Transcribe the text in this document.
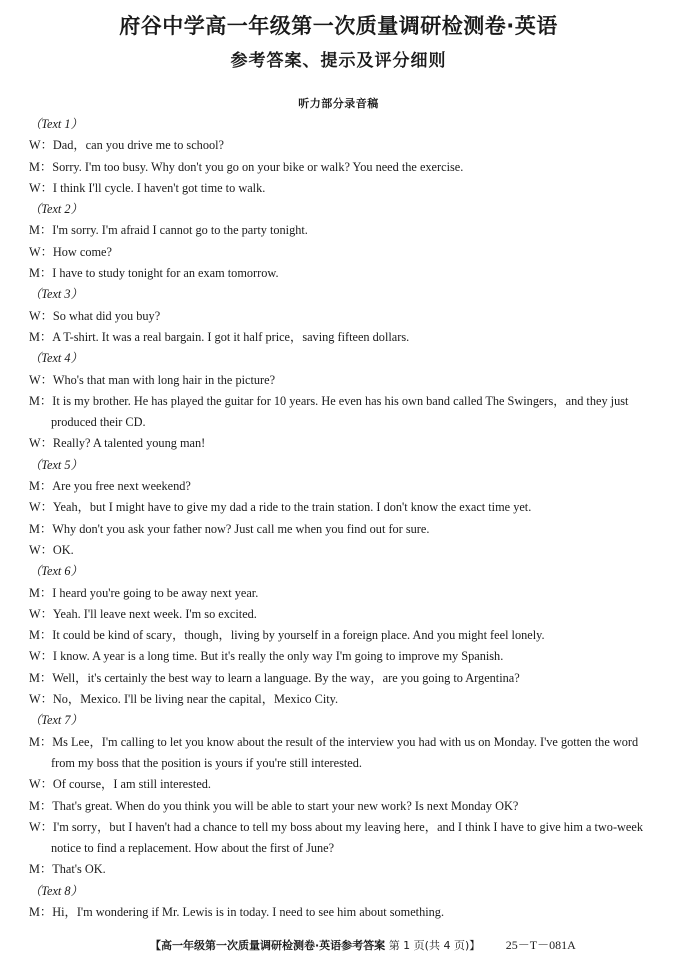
府谷中学高一年级第一次质量调研检测卷·英语
参考答案、提示及评分细则
听力部分录音稿
（Text 1）
W：Dad，can you drive me to school?
M：Sorry. I'm too busy. Why don't you go on your bike or walk? You need the exercise.
W：I think I'll cycle. I haven't got time to walk.
（Text 2）
M：I'm sorry. I'm afraid I cannot go to the party tonight.
W：How come?
M：I have to study tonight for an exam tomorrow.
（Text 3）
W：So what did you buy?
M：A T-shirt. It was a real bargain. I got it half price，saving fifteen dollars.
（Text 4）
W：Who's that man with long hair in the picture?
M：It is my brother. He has played the guitar for 10 years. He even has his own band called The Swingers，and they just produced their CD.
W：Really? A talented young man!
（Text 5）
M：Are you free next weekend?
W：Yeah，but I might have to give my dad a ride to the train station. I don't know the exact time yet.
M：Why don't you ask your father now? Just call me when you find out for sure.
W：OK.
（Text 6）
M：I heard you're going to be away next year.
W：Yeah. I'll leave next week. I'm so excited.
M：It could be kind of scary，though，living by yourself in a foreign place. And you might feel lonely.
W：I know. A year is a long time. But it's really the only way I'm going to improve my Spanish.
M：Well，it's certainly the best way to learn a language. By the way，are you going to Argentina?
W：No，Mexico. I'll be living near the capital，Mexico City.
（Text 7）
M：Ms Lee，I'm calling to let you know about the result of the interview you had with us on Monday. I've gotten the word from my boss that the position is yours if you're still interested.
W：Of course，I am still interested.
M：That's great. When do you think you will be able to start your new work? Is next Monday OK?
W：I'm sorry，but I haven't had a chance to tell my boss about my leaving here，and I think I have to give him a two-week notice to find a replacement. How about the first of June?
M：That's OK.
（Text 8）
M：Hi，I'm wondering if Mr. Lewis is in today. I need to see him about something.
【高一年级第一次质量调研检测卷·英语参考答案 第 1 页(共 4 页)】 25－T－081A
